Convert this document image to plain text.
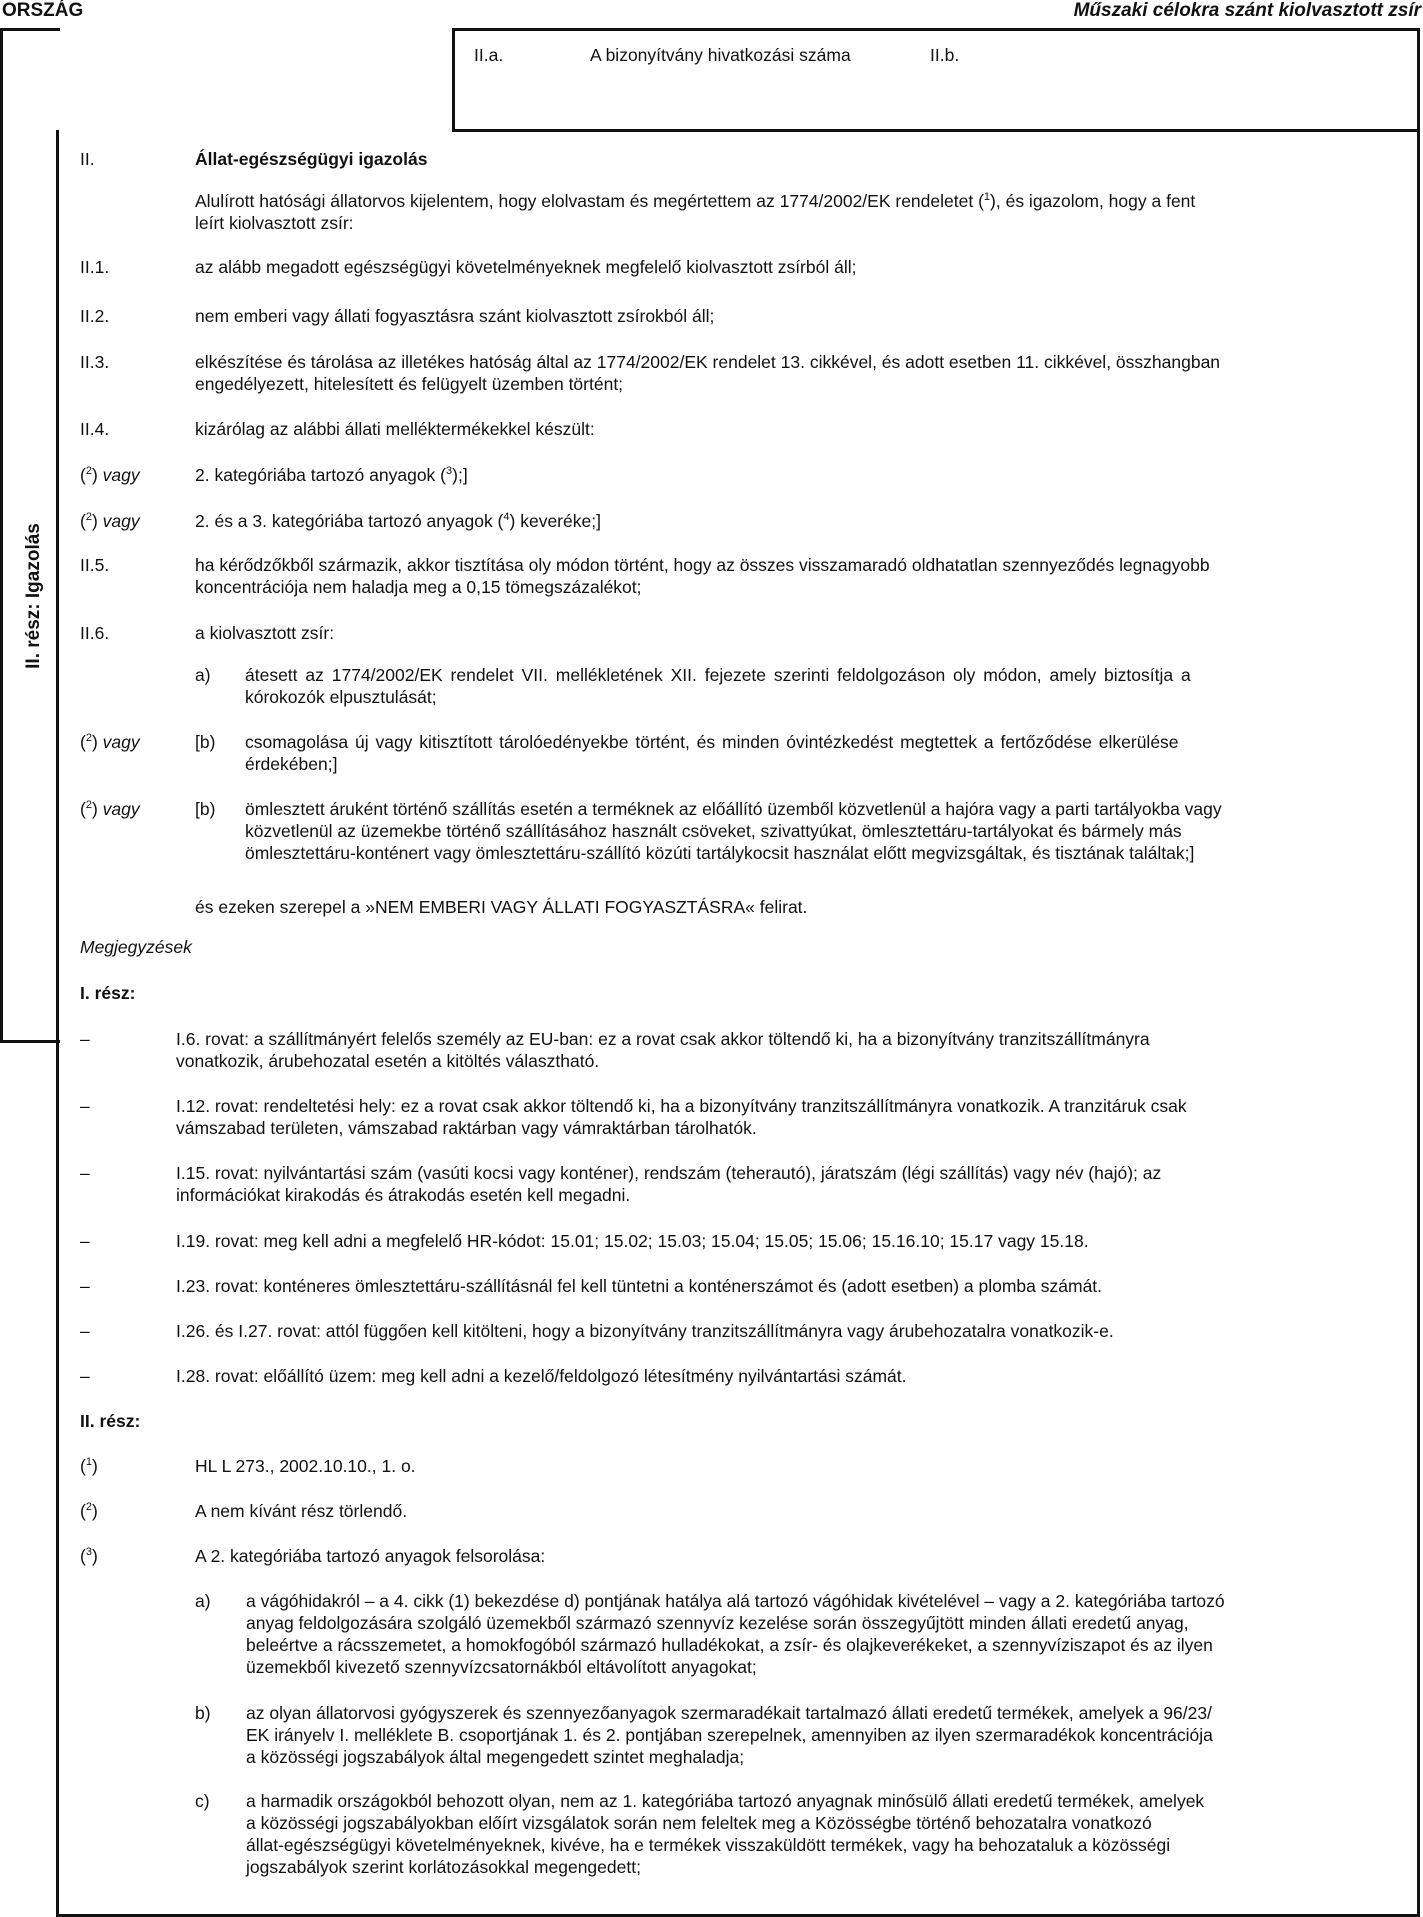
ORSZÁG	Műszaki célokra szánt kiolvasztott zsír
II. rész: Igazolás
II.a.	A bizonyítvány hivatkozási száma	II.b.
II.	Állat-egészségügyi igazolás
Alulírott hatósági állatorvos kijelentem, hogy elolvastam és megértettem az 1774/2002/EK rendeletet ($^1$), és igazolom, hogy a fent
leírt kiolvasztott zsír:
II.1.	az alább megadott egészségügyi követelményeknek megfelelő kiolvasztott zsírból áll;
II.2.	nem emberi vagy állati fogyasztásra szánt kiolvasztott zsírokból áll;
II.3.	elkészítése és tárolása az illetékes hatóság által az 1774/2002/EK rendelet 13. cikkével, és adott esetben 11. cikkével, összhangban
engedélyezett, hitelesített és felügyelt üzemben történt;
II.4.	kizárólag az alábbi állati melléktermékekkel készült:
($^2$) vagy	2. kategóriába tartozó anyagok ($^3$);]
($^2$) vagy	2. és a 3. kategóriába tartozó anyagok ($^4$) keveréke;]
II.5.	ha kérődzőkből származik, akkor tisztítása oly módon történt, hogy az összes visszamaradó oldhatatlan szennyeződés legnagyobb
koncentrációja nem haladja meg a 0,15 tömegszázalékot;
II.6.	a kiolvasztott zsír:
a) átesett az 1774/2002/EK rendelet VII. mellékletének XII. fejezete szerinti feldolgozáson oly módon, amely biztosítja a
kórokozók elpusztulását;
($^2$) vagy	[b) csomagolása új vagy kitisztított tárolóedényekbe történt, és minden óvintézkedést megtettek a fertőződése elkerülése
érdekében;]
($^2$) vagy	[b) ömlesztett áruként történő szállítás esetén a terméknek az előállító üzemből közvetlenül a hajóra vagy a parti tartályokba vagy
közvetlenül az üzemekbe történő szállításához használt csöveket, szivattyúkat, ömlesztettáru-tartályokat és bármely más
ömlesztettáru-konténert vagy ömlesztettáru-szállító közúti tartálykocsit használat előtt megvizsgáltak, és tisztának találtak;]
és ezeken szerepel a »NEM EMBERI VAGY ÁLLATI FOGYASZTÁSRA« felirat.
Megjegyzések
I. rész:
–	I.6. rovat: a szállítmányért felelős személy az EU-ban: ez a rovat csak akkor töltendő ki, ha a bizonyítvány tranzitszállítmányra
vonatkozik, árubehozatal esetén a kitöltés választható.
–	I.12. rovat: rendeltetési hely: ez a rovat csak akkor töltendő ki, ha a bizonyítvány tranzitszállítmányra vonatkozik. A tranzitáruk csak
vámszabad területen, vámszabad raktárban vagy vámraktárban tárolhatók.
–	I.15. rovat: nyilvántartási szám (vasúti kocsi vagy konténer), rendszám (teherautó), járatszám (légi szállítás) vagy név (hajó); az
információkat kirakodás és átrakodás esetén kell megadni.
–	I.19. rovat: meg kell adni a megfelelő HR-kódot: 15.01; 15.02; 15.03; 15.04; 15.05; 15.06; 15.16.10; 15.17 vagy 15.18.
–	I.23. rovat: konténeres ömlesztettáru-szállításnál fel kell tüntetni a konténerszámot és (adott esetben) a plomba számát.
–	I.26. és I.27. rovat: attól függően kell kitölteni, hogy a bizonyítvány tranzitszállítmányra vagy árubehozatalra vonatkozik-e.
–	I.28. rovat: előállító üzem: meg kell adni a kezelő/feldolgozó létesítmény nyilvántartási számát.
II. rész:
($^1$)	HL L 273., 2002.10.10., 1. o.
($^2$)	A nem kívánt rész törlendő.
($^3$)	A 2. kategóriába tartozó anyagok felsorolása:
a) a vágóhidakról – a 4. cikk (1) bekezdése d) pontjának hatálya alá tartozó vágóhidak kivételével – vagy a 2. kategóriába tartozó
anyag feldolgozására szolgáló üzemekből származó szennyvíz kezelése során összegyűjtött minden állati eredetű anyag,
beleértve a rácsszemetet, a homokfogóból származó hulladékokat, a zsír- és olajkeverékeket, a szennyvíziszapot és az ilyen
üzemekből kivezető szennyvízcsatornákból eltávolított anyagokat;
b) az olyan állatorvosi gyógyszerek és szennyezőanyagok szermaradékait tartalmazó állati eredetű termékek, amelyek a 96/23/
EK irányelv I. melléklete B. csoportjának 1. és 2. pontjában szerepelnek, amennyiben az ilyen szermaradékok koncentrációja
a közösségi jogszabályok által megengedett szintet meghaladja;
c) a harmadik országokból behozott olyan, nem az 1. kategóriába tartozó anyagnak minősülő állati eredetű termékek, amelyek
a közösségi jogszabályokban előírt vizsgálatok során nem feleltek meg a Közösségbe történő behozatalra vonatkozó
állat-egészségügyi követelményeknek, kivéve, ha e termékek visszaküldött termékek, vagy ha behozataluk a közösségi
jogszabályok szerint korlátozásokkal megengedett;
